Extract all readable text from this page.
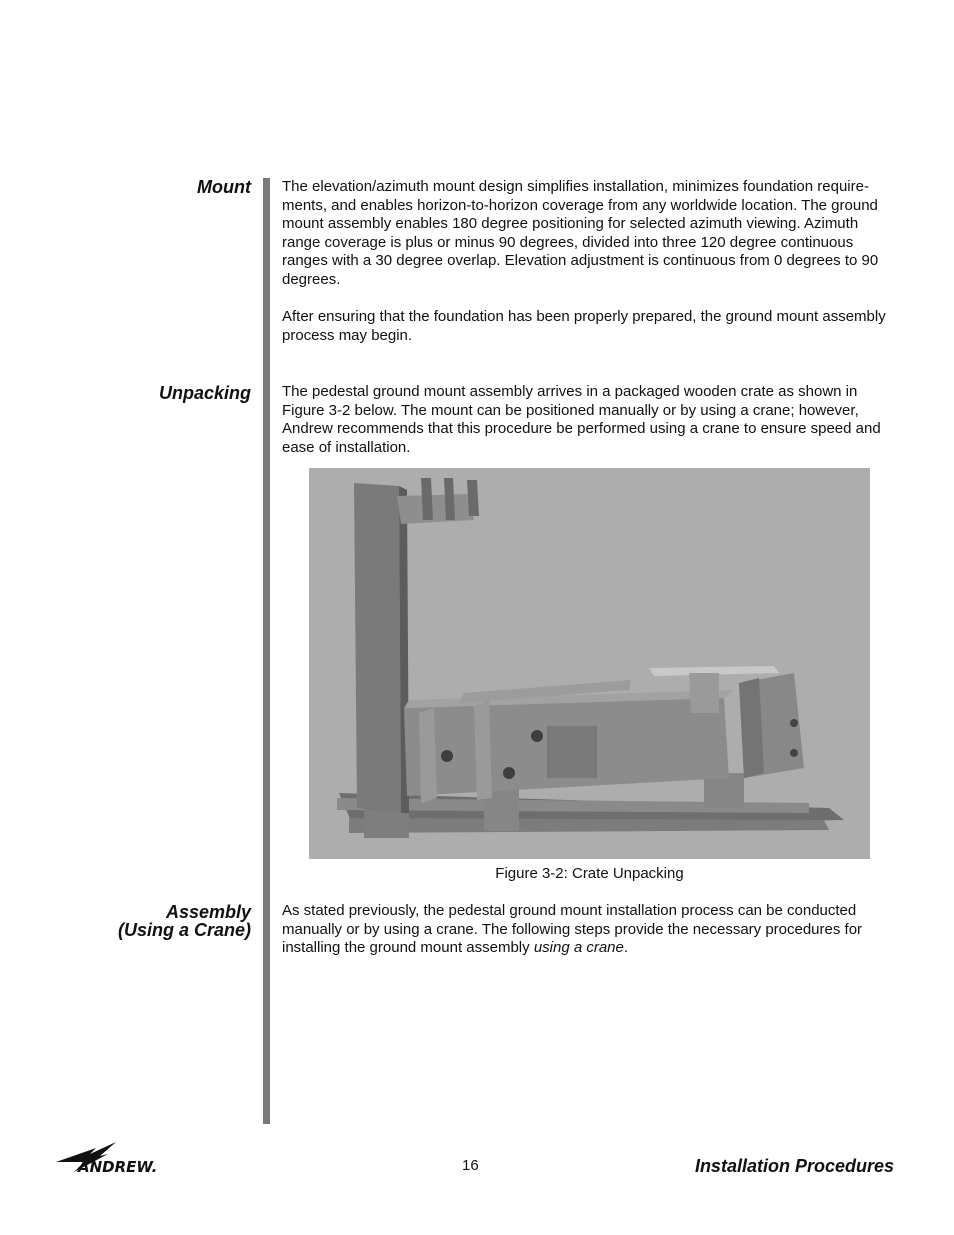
Mount The elevation/azimuth mount design simplifies installation, minimizes foundation require-ments, and enables horizon-to-horizon coverage from any worldwide location. The ground mount assembly enables 180 degree positioning for selected azimuth viewing. Azimuth range coverage is plus or minus 90 degrees, divided into three 120 degree continuous ranges with a 30 degree overlap. Elevation adjustment is continuous from 0 degrees to 90 degrees.

After ensuring that the foundation has been properly prepared, the ground mount assembly process may begin.

Unpacking The pedestal ground mount assembly arrives in a packaged wooden crate as shown in Figure 3-2 below. The mount can be positioned manually or by using a crane; however, Andrew recommends that this procedure be performed using a crane to ensure speed and ease of installation.

Figure 3-2: Crate Unpacking
Assembly
(Using a Crane)

As stated previously, the pedestal ground mount installation process can be conducted manually or by using a crane. The following steps provide the necessary procedures for installing the ground mount assembly using a crane.

ANDREW.	16	Installation Procedures
